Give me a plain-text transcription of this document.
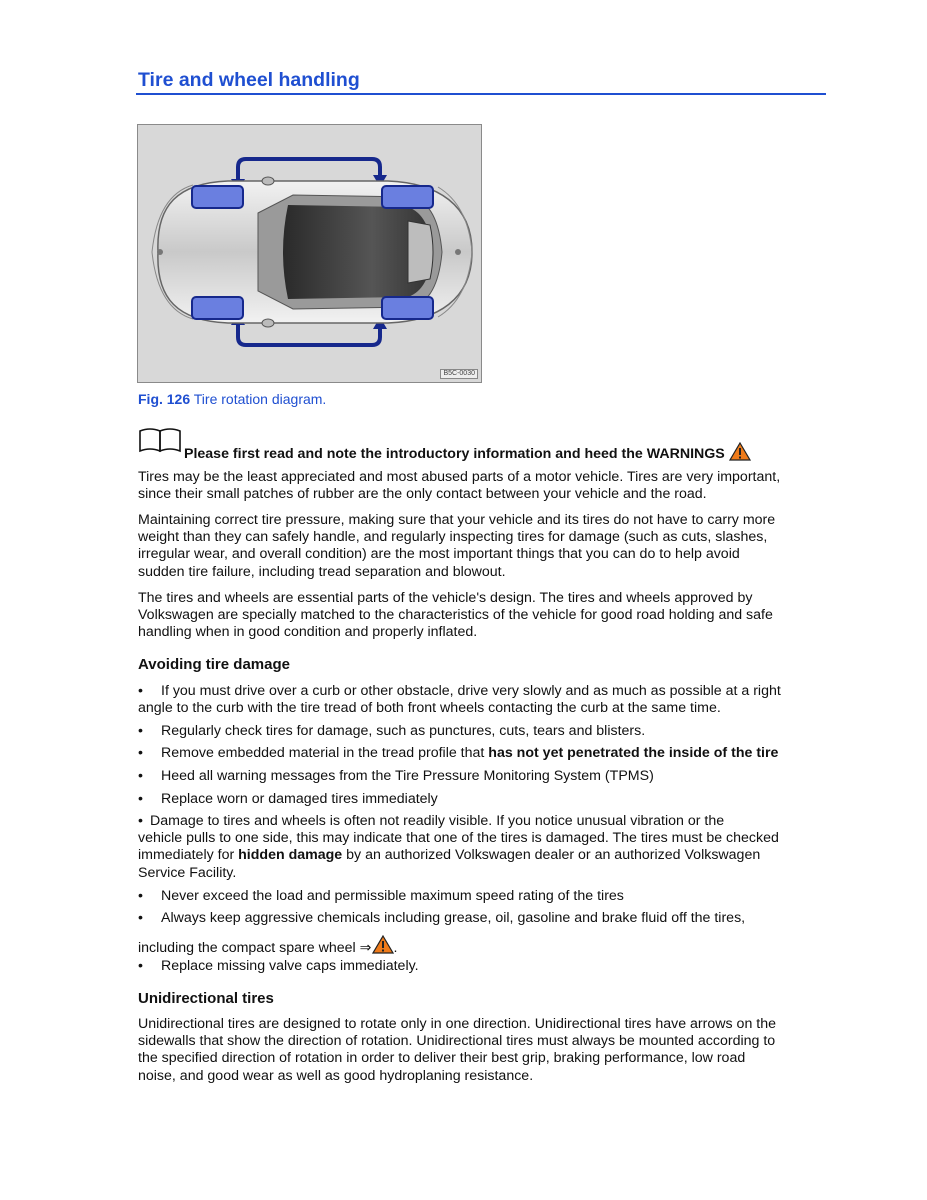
Tire and wheel handling
B5C-0030
Fig. 126 Tire rotation diagram.
Please first read and note the introductory information and heed the WARNINGS
Tires may be the least appreciated and most abused parts of a motor vehicle. Tires are very important,
since their small patches of rubber are the only contact between your vehicle and the road.
Maintaining correct tire pressure, making sure that your vehicle and its tires do not have to carry more
weight than they can safely handle, and regularly inspecting tires for damage (such as cuts, slashes,
irregular wear, and overall condition) are the most important things that you can do to help avoid
sudden tire failure, including tread separation and blowout.
The tires and wheels are essential parts of the vehicle's design. The tires and wheels approved by
Volkswagen are specially matched to the characteristics of the vehicle for good road holding and safe
handling when in good condition and properly inflated.
Avoiding tire damage
• If you must drive over a curb or other obstacle, drive very slowly and as much as possible at a right
angle to the curb with the tire tread of both front wheels contacting the curb at the same time.
• Regularly check tires for damage, such as punctures, cuts, tears and blisters.
• Remove embedded material in the tread profile that has not yet penetrated the inside of the tire
• Heed all warning messages from the Tire Pressure Monitoring System (TPMS)
• Replace worn or damaged tires immediately
• Damage to tires and wheels is often not readily visible. If you notice unusual vibration or the
vehicle pulls to one side, this may indicate that one of the tires is damaged. The tires must be checked
immediately for hidden damage by an authorized Volkswagen dealer or an authorized Volkswagen
Service Facility.
• Never exceed the load and permissible maximum speed rating of the tires
• Always keep aggressive chemicals including grease, oil, gasoline and brake fluid off the tires,
including the compact spare wheel ⇒ .
• Replace missing valve caps immediately.
Unidirectional tires
Unidirectional tires are designed to rotate only in one direction. Unidirectional tires have arrows on the
sidewalls that show the direction of rotation. Unidirectional tires must always be mounted according to
the specified direction of rotation in order to deliver their best grip, braking performance, low road
noise, and good wear as well as good hydroplaning resistance.
